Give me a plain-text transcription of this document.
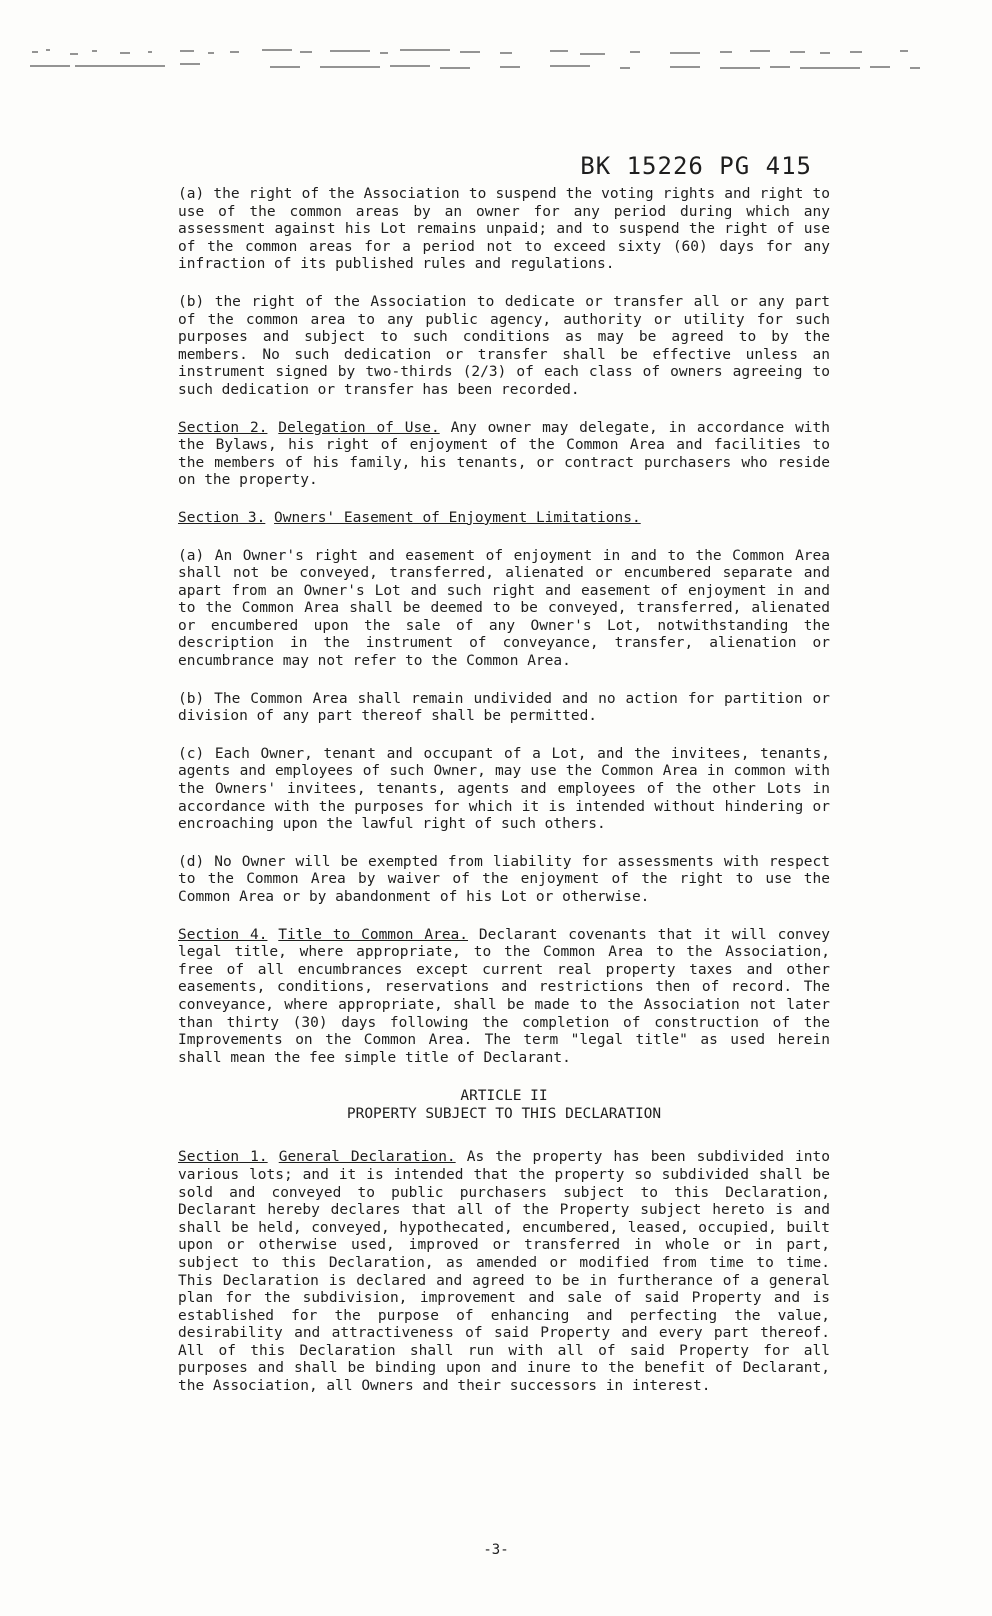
BK 15226 PG 415

(a) the right of the Association to suspend the voting rights and right to use of the common areas by an owner for any period during which any assessment against his Lot remains unpaid; and to suspend the right of use of the common areas for a period not to exceed sixty (60) days for any infraction of its published rules and regulations.

(b) the right of the Association to dedicate or transfer all or any part of the common area to any public agency, authority or utility for such purposes and subject to such conditions as may be agreed to by the members. No such dedication or transfer shall be effective unless an instrument signed by two-thirds (2/3) of each class of owners agreeing to such dedication or transfer has been recorded.

Section 2. Delegation of Use. Any owner may delegate, in accordance with the Bylaws, his right of enjoyment of the Common Area and facilities to the members of his family, his tenants, or contract purchasers who reside on the property.

Section 3. Owners' Easement of Enjoyment Limitations.

(a) An Owner's right and easement of enjoyment in and to the Common Area shall not be conveyed, transferred, alienated or encumbered separate and apart from an Owner's Lot and such right and easement of enjoyment in and to the Common Area shall be deemed to be conveyed, transferred, alienated or encumbered upon the sale of any Owner's Lot, notwithstanding the description in the instrument of conveyance, transfer, alienation or encumbrance may not refer to the Common Area.

(b) The Common Area shall remain undivided and no action for partition or division of any part thereof shall be permitted.

(c) Each Owner, tenant and occupant of a Lot, and the invitees, tenants, agents and employees of such Owner, may use the Common Area in common with the Owners' invitees, tenants, agents and employees of the other Lots in accordance with the purposes for which it is intended without hindering or encroaching upon the lawful right of such others.

(d) No Owner will be exempted from liability for assessments with respect to the Common Area by waiver of the enjoyment of the right to use the Common Area or by abandonment of his Lot or otherwise.

Section 4. Title to Common Area. Declarant covenants that it will convey legal title, where appropriate, to the Common Area to the Association, free of all encumbrances except current real property taxes and other easements, conditions, reservations and restrictions then of record. The conveyance, where appropriate, shall be made to the Association not later than thirty (30) days following the completion of construction of the Improvements on the Common Area. The term "legal title" as used herein shall mean the fee simple title of Declarant.

ARTICLE II
PROPERTY SUBJECT TO THIS DECLARATION

Section 1. General Declaration. As the property has been subdivided into various lots; and it is intended that the property so subdivided shall be sold and conveyed to public purchasers subject to this Declaration, Declarant hereby declares that all of the Property subject hereto is and shall be held, conveyed, hypothecated, encumbered, leased, occupied, built upon or otherwise used, improved or transferred in whole or in part, subject to this Declaration, as amended or modified from time to time. This Declaration is declared and agreed to be in furtherance of a general plan for the subdivision, improvement and sale of said Property and is established for the purpose of enhancing and perfecting the value, desirability and attractiveness of said Property and every part thereof. All of this Declaration shall run with all of said Property for all purposes and shall be binding upon and inure to the benefit of Declarant, the Association, all Owners and their successors in interest.

-3-
